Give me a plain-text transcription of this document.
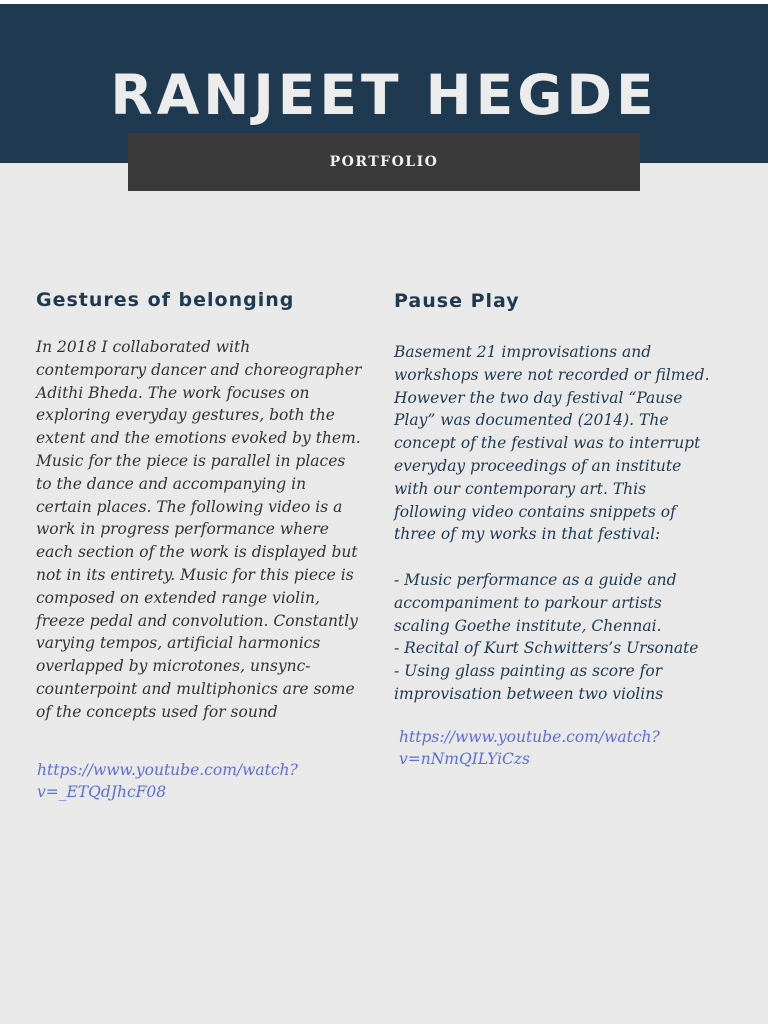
RANJEET HEGDE
PORTFOLIO
Gestures of belonging

In 2018 I collaborated with
contemporary dancer and choreographer
Adithi Bheda. The work focuses on
exploring everyday gestures, both the
extent and the emotions evoked by them.
Music for the piece is parallel in places
to the dance and accompanying in
certain places. The following video is a
work in progress performance where
each section of the work is displayed but
not in its entirety. Music for this piece is
composed on extended range violin,
freeze pedal and convolution. Constantly
varying tempos, artificial harmonics
overlapped by microtones, unsync-
counterpoint and multiphonics are some
of the concepts used for sound

https://www.youtube.com/watch?
v=_ETQdJhcF08
Pause Play

Basement 21 improvisations and
workshops were not recorded or filmed.
However the two day festival “Pause
Play” was documented (2014). The
concept of the festival was to interrupt
everyday proceedings of an institute
with our contemporary art. This
following video contains snippets of
three of my works in that festival:

- Music performance as a guide and
accompaniment to parkour artists
scaling Goethe institute, Chennai.
- Recital of Kurt Schwitters’s Ursonate
- Using glass painting as score for
improvisation between two violins

https://www.youtube.com/watch?
v=nNmQILYiCzs
